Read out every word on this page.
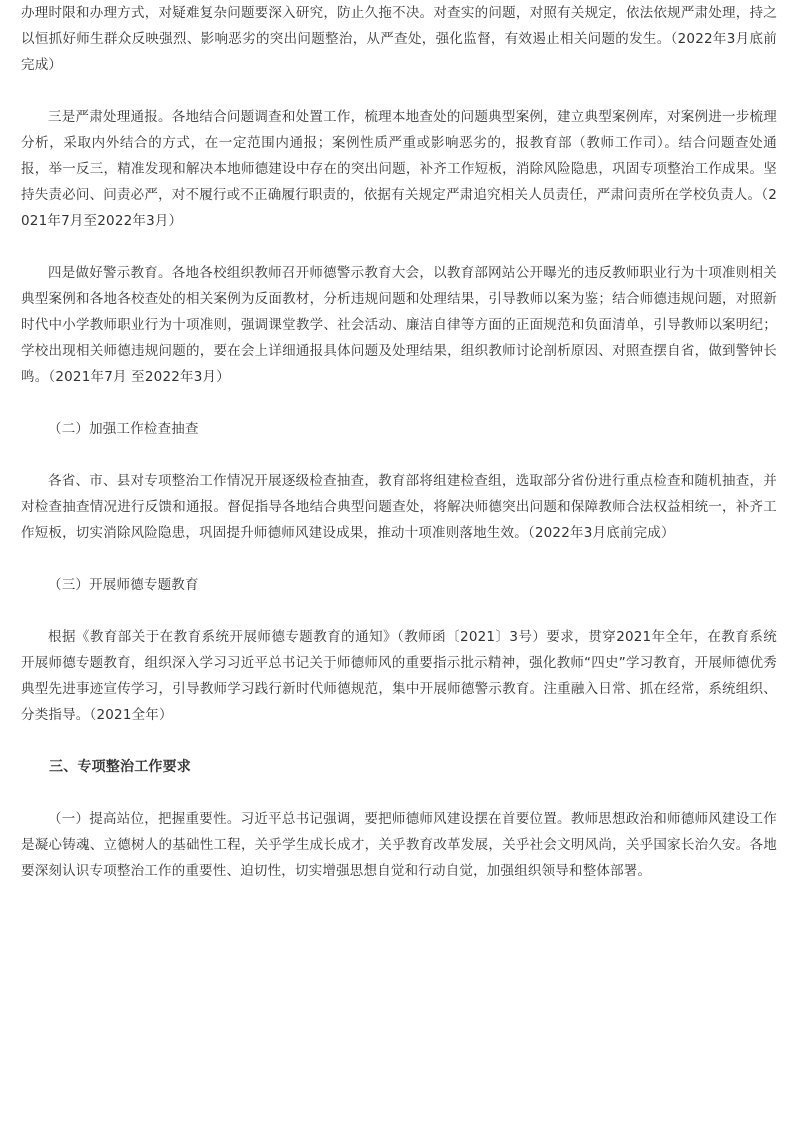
办理时限和办理方式，对疑难复杂问题要深入研究，防止久拖不决。对查实的问题，对照有关规定，依法依规严肃处理，持之以恒抓好师生群众反映强烈、影响恶劣的突出问题整治，从严查处，强化监督，有效遏止相关问题的发生。（2022年3月底前完成）

三是严肃处理通报。各地结合问题调查和处置工作，梳理本地查处的问题典型案例，建立典型案例库，对案例进一步梳理分析，采取内外结合的方式，在一定范围内通报；案例性质严重或影响恶劣的，报教育部（教师工作司）。结合问题查处通报，举一反三，精准发现和解决本地师德建设中存在的突出问题，补齐工作短板，消除风险隐患，巩固专项整治工作成果。坚持失责必问、问责必严，对不履行或不正确履行职责的，依据有关规定严肃追究相关人员责任，严肃问责所在学校负责人。（2021年7月至2022年3月）

四是做好警示教育。各地各校组织教师召开师德警示教育大会，以教育部网站公开曝光的违反教师职业行为十项准则相关典型案例和各地各校查处的相关案例为反面教材，分析违规问题和处理结果，引导教师以案为鉴；结合师德违规问题，对照新时代中小学教师职业行为十项准则，强调课堂教学、社会活动、廉洁自律等方面的正面规范和负面清单，引导教师以案明纪；学校出现相关师德违规问题的，要在会上详细通报具体问题及处理结果，组织教师讨论剖析原因、对照查摆自省，做到警钟长鸣。（2021年7月 至2022年3月）

（二）加强工作检查抽查

各省、市、县对专项整治工作情况开展逐级检查抽查，教育部将组建检查组，选取部分省份进行重点检查和随机抽查，并对检查抽查情况进行反馈和通报。督促指导各地结合典型问题查处，将解决师德突出问题和保障教师合法权益相统一，补齐工作短板，切实消除风险隐患，巩固提升师德师风建设成果，推动十项准则落地生效。（2022年3月底前完成）

（三）开展师德专题教育

根据《教育部关于在教育系统开展师德专题教育的通知》（教师函〔2021〕3号）要求，贯穿2021年全年，在教育系统开展师德专题教育，组织深入学习习近平总书记关于师德师风的重要指示批示精神，强化教师“四史”学习教育，开展师德优秀典型先进事迹宣传学习，引导教师学习践行新时代师德规范，集中开展师德警示教育。注重融入日常、抓在经常，系统组织、分类指导。（2021全年）

三、专项整治工作要求

（一）提高站位，把握重要性。习近平总书记强调，要把师德师风建设摆在首要位置。教师思想政治和师德师风建设工作是凝心铸魂、立德树人的基础性工程，关乎学生成长成才，关乎教育改革发展，关乎社会文明风尚，关乎国家长治久安。各地要深刻认识专项整治工作的重要性、迫切性，切实增强思想自觉和行动自觉，加强组织领导和整体部署。
